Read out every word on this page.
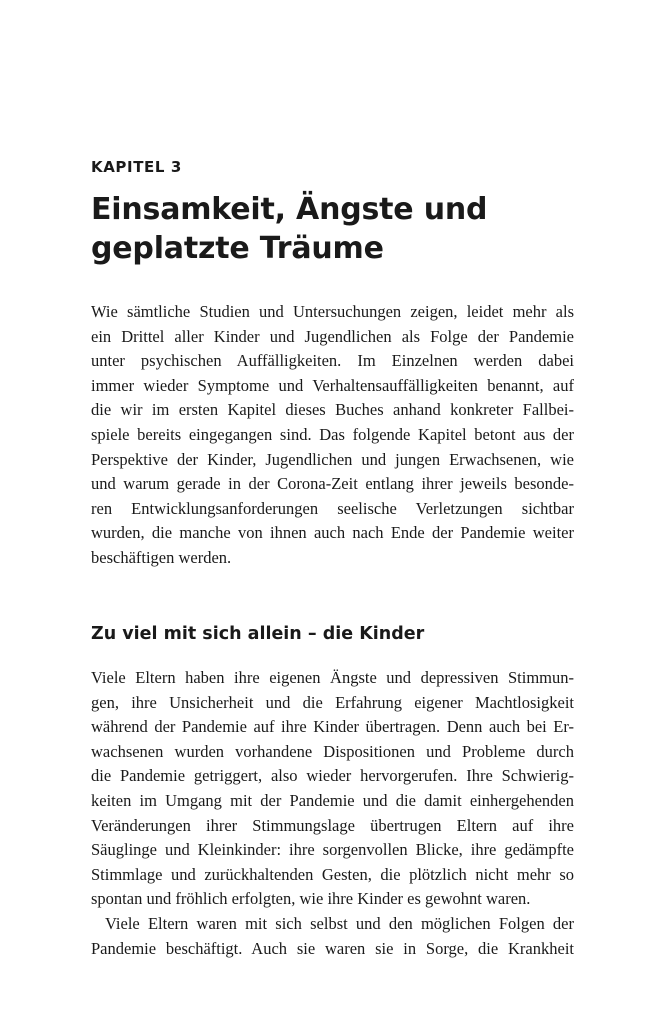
KAPITEL 3
Einsamkeit, Ängste und
geplatzte Träume

Wie sämtliche Studien und Untersuchungen zeigen, leidet mehr als
ein Drittel aller Kinder und Jugendlichen als Folge der Pandemie
unter psychischen Auffälligkeiten. Im Einzelnen werden dabei
immer wieder Symptome und Verhaltensauffälligkeiten benannt, auf
die wir im ersten Kapitel dieses Buches anhand konkreter Fallbei-
spiele bereits eingegangen sind. Das folgende Kapitel betont aus der
Perspektive der Kinder, Jugendlichen und jungen Erwachsenen, wie
und warum gerade in der Corona-Zeit entlang ihrer jeweils besonde-
ren Entwicklungsanforderungen seelische Verletzungen sichtbar
wurden, die manche von ihnen auch nach Ende der Pandemie weiter
beschäftigen werden.

Zu viel mit sich allein – die Kinder

Viele Eltern haben ihre eigenen Ängste und depressiven Stimmun-
gen, ihre Unsicherheit und die Erfahrung eigener Machtlosigkeit
während der Pandemie auf ihre Kinder übertragen. Denn auch bei Er-
wachsenen wurden vorhandene Dispositionen und Probleme durch
die Pandemie getriggert, also wieder hervorgerufen. Ihre Schwierig-
keiten im Umgang mit der Pandemie und die damit einhergehenden
Veränderungen ihrer Stimmungslage übertrugen Eltern auf ihre
Säuglinge und Kleinkinder: ihre sorgenvollen Blicke, ihre gedämpfte
Stimmlage und zurückhaltenden Gesten, die plötzlich nicht mehr so
spontan und fröhlich erfolgten, wie ihre Kinder es gewohnt waren.

Viele Eltern waren mit sich selbst und den möglichen Folgen der
Pandemie beschäftigt. Auch sie waren sie in Sorge, die Krankheit
